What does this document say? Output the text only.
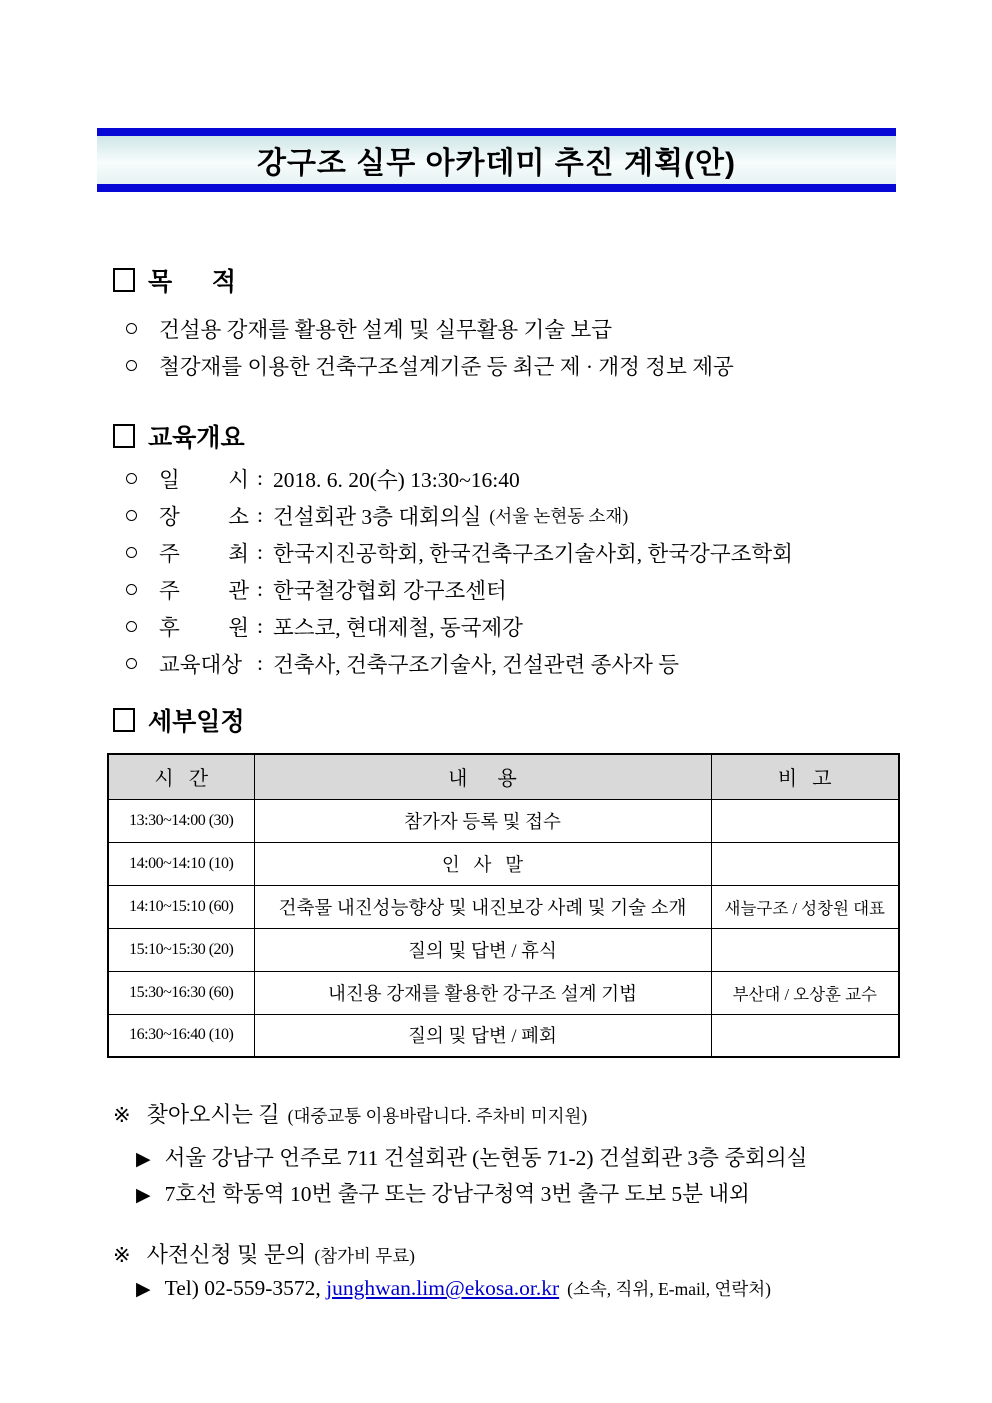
강구조 실무 아카데미 추진 계획(안)
목 적
건설용 강재를 활용한 설계 및 실무활용 기술 보급
철강재를 이용한 건축구조설계기준 등 최근 제 · 개정 정보 제공
교육개요
일 시 : 2018. 6. 20(수) 13:30~16:40
장 소 : 건설회관 3층 대회의실 (서울 논현동 소재)
주 최 : 한국지진공학회, 한국건축구조기술사회, 한국강구조학회
주 관 : 한국철강협회 강구조센터
후 원 : 포스코, 현대제철, 동국제강
교육대상 : 건축사, 건축구조기술사, 건설관련 종사자 등
세부일정
시   간	내      용	비   고
13:30~14:00 (30)	참가자 등록 및 접수	
14:00~14:10 (10)	인   사   말	
14:10~15:10 (60)	건축물 내진성능향상 및 내진보강 사례 및 기술 소개	새늘구조 / 성창원 대표
15:10~15:30 (20)	질의 및 답변 / 휴식	
15:30~16:30 (60)	내진용 강재를 활용한 강구조 설계 기법	부산대 / 오상훈 교수
16:30~16:40 (10)	질의 및 답변 / 폐회	
※ 찾아오시는 길 (대중교통 이용바랍니다. 주차비 미지원)
▶ 서울 강남구 언주로 711 건설회관 (논현동 71-2) 건설회관 3층 중회의실
▶ 7호선 학동역 10번 출구 또는 강남구청역 3번 출구 도보 5분 내외
※ 사전신청 및 문의 (참가비 무료)
▶ Tel) 02-559-3572,
junghwan.lim@ekosa.or.kr (소속, 직위, E-mail, 연락처)
